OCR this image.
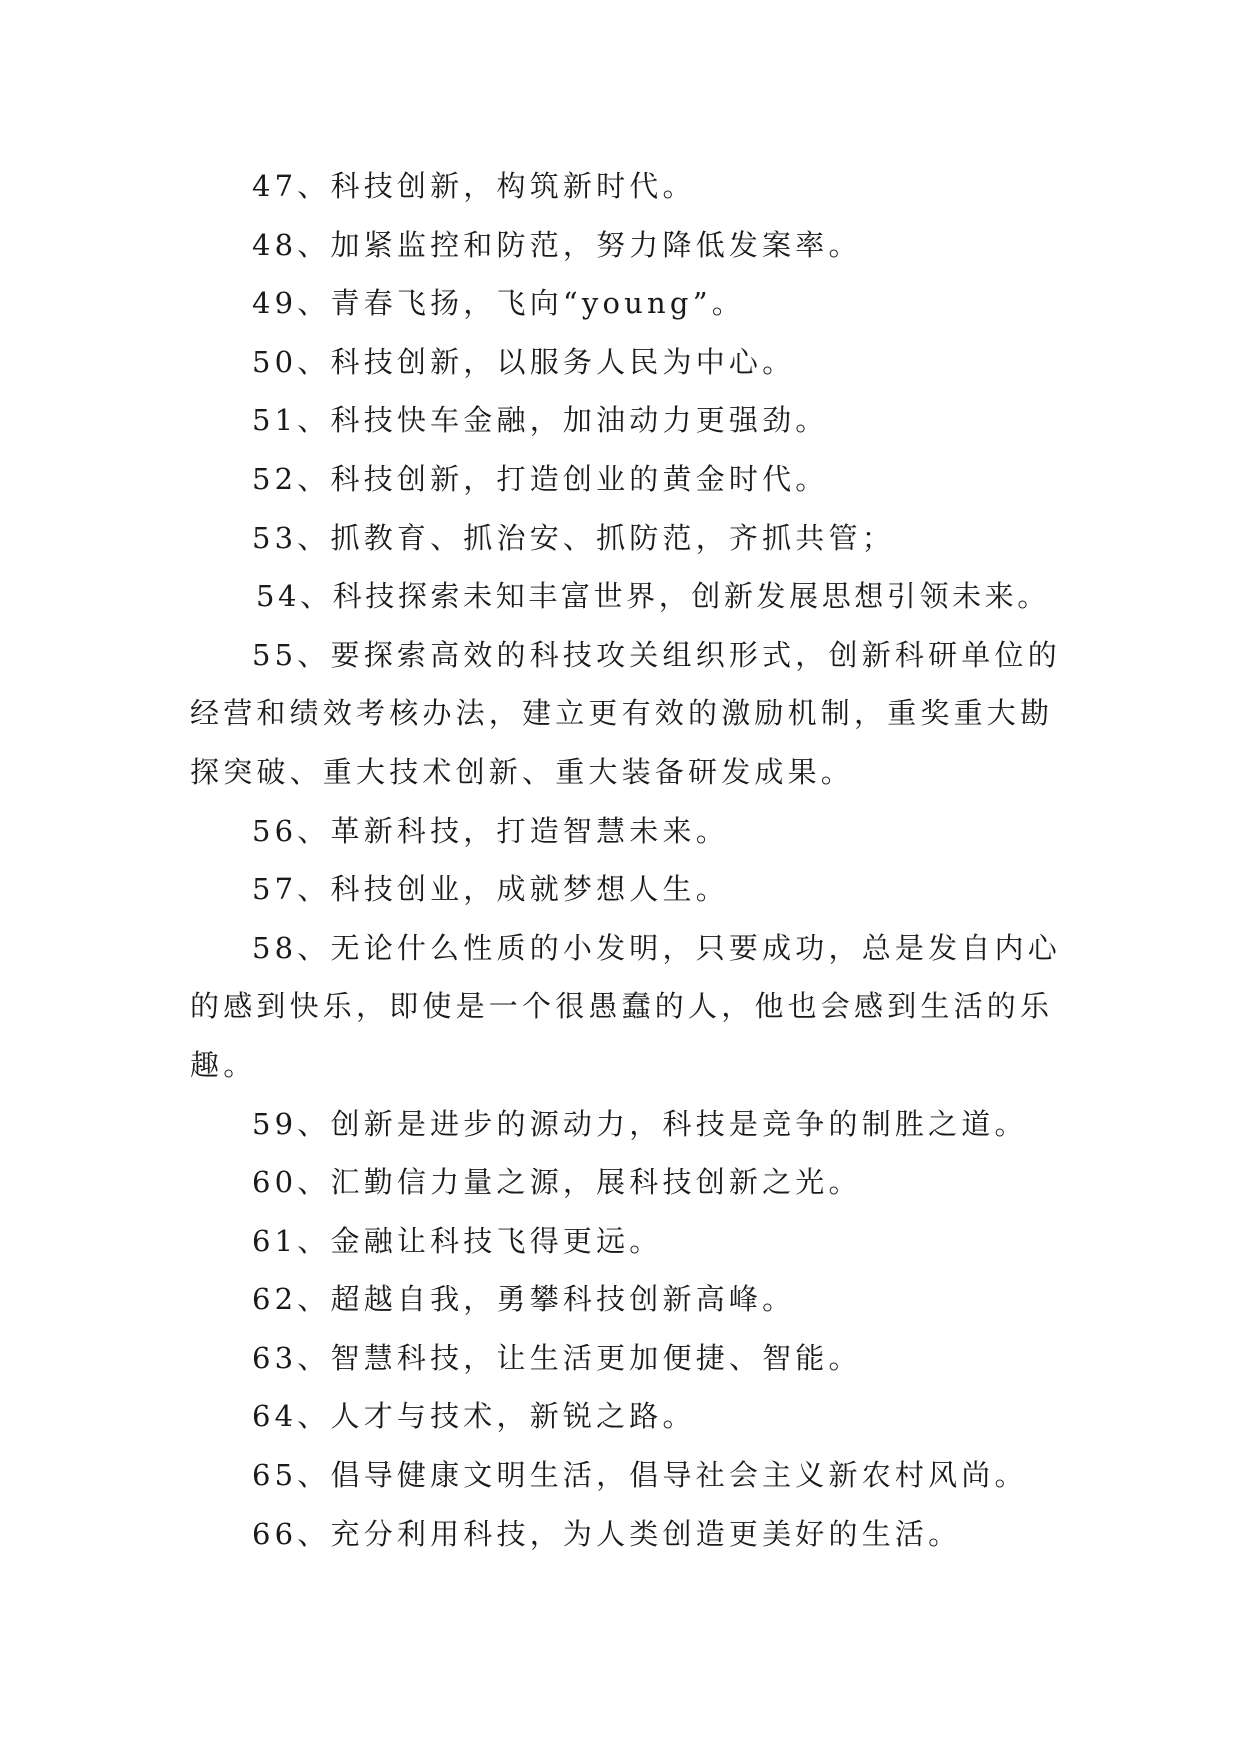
47、科技创新，构筑新时代。

48、加紧监控和防范，努力降低发案率。

49、青春飞扬，飞向“young”。

50、科技创新，以服务人民为中心。

51、科技快车金融，加油动力更强劲。

52、科技创新，打造创业的黄金时代。

53、抓教育、抓治安、抓防范，齐抓共管；

54、科技探索未知丰富世界，创新发展思想引领未来。

55、要探索高效的科技攻关组织形式，创新科研单位的经营和绩效考核办法，建立更有效的激励机制，重奖重大勘探突破、重大技术创新、重大装备研发成果。

56、革新科技，打造智慧未来。

57、科技创业，成就梦想人生。

58、无论什么性质的小发明，只要成功，总是发自内心的感到快乐，即使是一个很愚蠢的人，他也会感到生活的乐趣。

59、创新是进步的源动力，科技是竞争的制胜之道。

60、汇勤信力量之源，展科技创新之光。

61、金融让科技飞得更远。

62、超越自我，勇攀科技创新高峰。

63、智慧科技，让生活更加便捷、智能。

64、人才与技术，新锐之路。

65、倡导健康文明生活，倡导社会主义新农村风尚。

66、充分利用科技，为人类创造更美好的生活。
